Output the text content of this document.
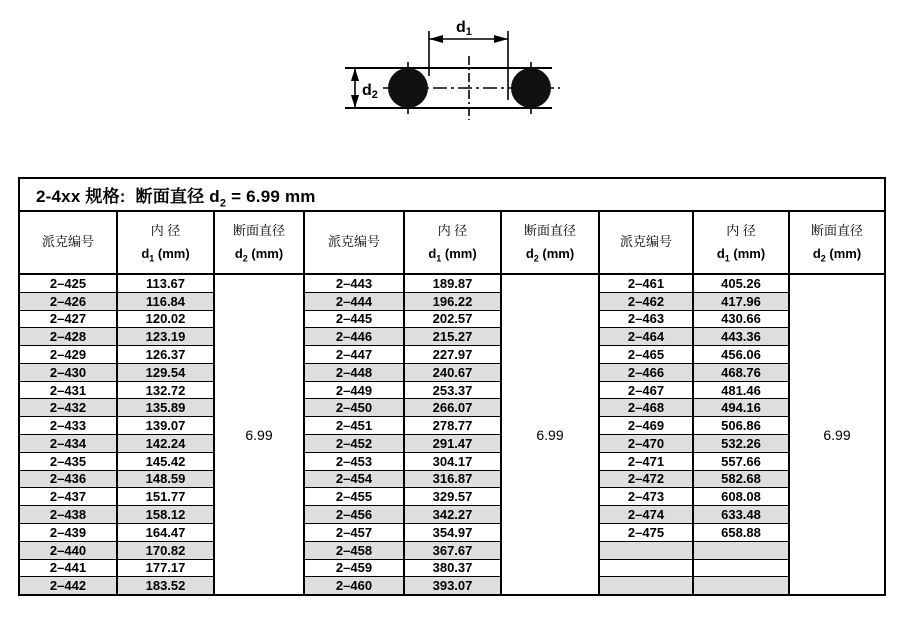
d1
d2
2-4xx 规格:  断面直径 $d_2 = 6.99$ mm
派克编号
内 径
$d_1$ (mm)
断面直径
$d_2$ (mm)
派克编号
内 径
$d_1$ (mm)
断面直径
$d_2$ (mm)
派克编号
内 径
$d_1$ (mm)
断面直径
$d_2$ (mm)
2–425
2–426
2–427
2–428
2–429
2–430
2–431
2–432
2–433
2–434
2–435
2–436
2–437
2–438
2–439
2–440
2–441
2–442
113.67
116.84
120.02
123.19
126.37
129.54
132.72
135.89
139.07
142.24
145.42
148.59
151.77
158.12
164.47
170.82
177.17
183.52
6.99
2–443
2–444
2–445
2–446
2–447
2–448
2–449
2–450
2–451
2–452
2–453
2–454
2–455
2–456
2–457
2–458
2–459
2–460
189.87
196.22
202.57
215.27
227.97
240.67
253.37
266.07
278.77
291.47
304.17
316.87
329.57
342.27
354.97
367.67
380.37
393.07
6.99
2–461
2–462
2–463
2–464
2–465
2–466
2–467
2–468
2–469
2–470
2–471
2–472
2–473
2–474
2–475
405.26
417.96
430.66
443.36
456.06
468.76
481.46
494.16
506.86
532.26
557.66
582.68
608.08
633.48
658.88
6.99
